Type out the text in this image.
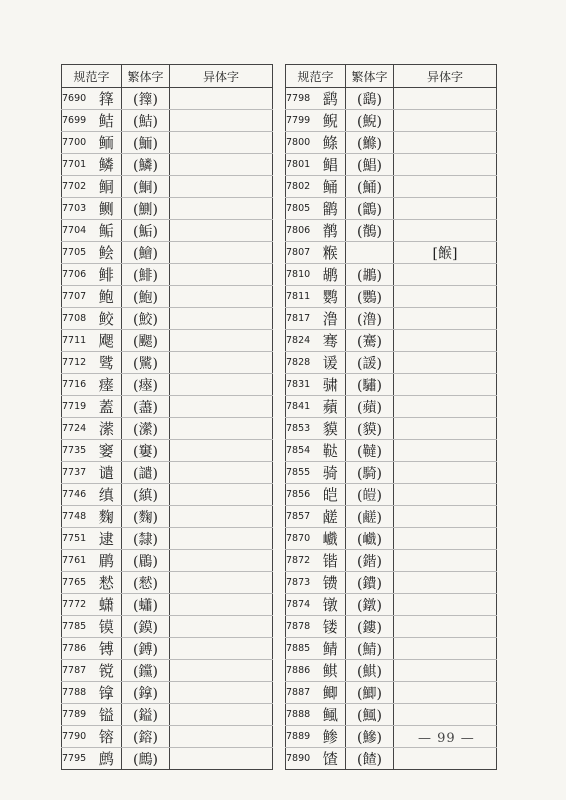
规范字		繁体字	异体字
7690	箨	(籜)	
7699	鲒	(鮚)	
7700	鲕	(鮞)	
7701	鳞	(鱗)	
7702	鲖	(鮦)	
7703	鲗	(鰂)	
7704	鲘	(鮜)	
7705	鲙	(鱠)	
7706	鲱	(鯡)	
7707	鲍	(鮑)	
7708	鲛	(鮫)	
7711	飔	(颸)	
7712	骘	(騭)	
7716	瘗	(瘞)	
7719	蓋	(藎)	
7724	潆	(瀠)	
7735	窭	(窶)	
7737	谴	(譴)	
7746	缜	(縝)	
7748	麴	(麴)	
7751	逮	(隸)	
7761	鹛	(鶥)	
7765	慭	(憖)	
7772	蟏	(蠨)	
7785	镆	(鏌)	
7786	镈	(鎛)	
7787	镋	(钂)	
7788	镎	(鎿)	
7789	镒	(鎰)	
7790	镕	(鎔)	
7795	鹧	(鷓)	
规范字		繁体字	异体字
7798	鹞	(鷂)	
7799	鲵	(鯢)	
7800	鲦	(鰷)	
7801	鲳	(鯧)	
7802	鲬	(鯒)	
7805	鹠	(鶹)	
7806	鹡	(鶺)	
7807	糇		[餱]
7810	鹕	(鶘)	
7811	鹦	(鸚)	
7817	澛	(澛)	
7824	骞	(騫)	
7828	谖	(諼)	
7831	骕	(驌)	
7841	蘋	(蘋)	
7853	貘	(貘)	
7854	鞑	(韃)	
7855	骑	(騎)	
7856	皑	(皚)	
7857	鹾	(鹺)	
7870	巇	(巇)	
7872	锴	(鍇)	
7873	镄	(鐨)	
7874	镦	(鐓)	
7878	镂	(鏤)	
7885	鲭	(鯖)	
7886	鲯	(鯕)	
7887	鲫	(鯽)	
7888	鲺	(鯴)	
7889	鲹	(鰺)	
7890	馇	(餷)	
— 99 —
